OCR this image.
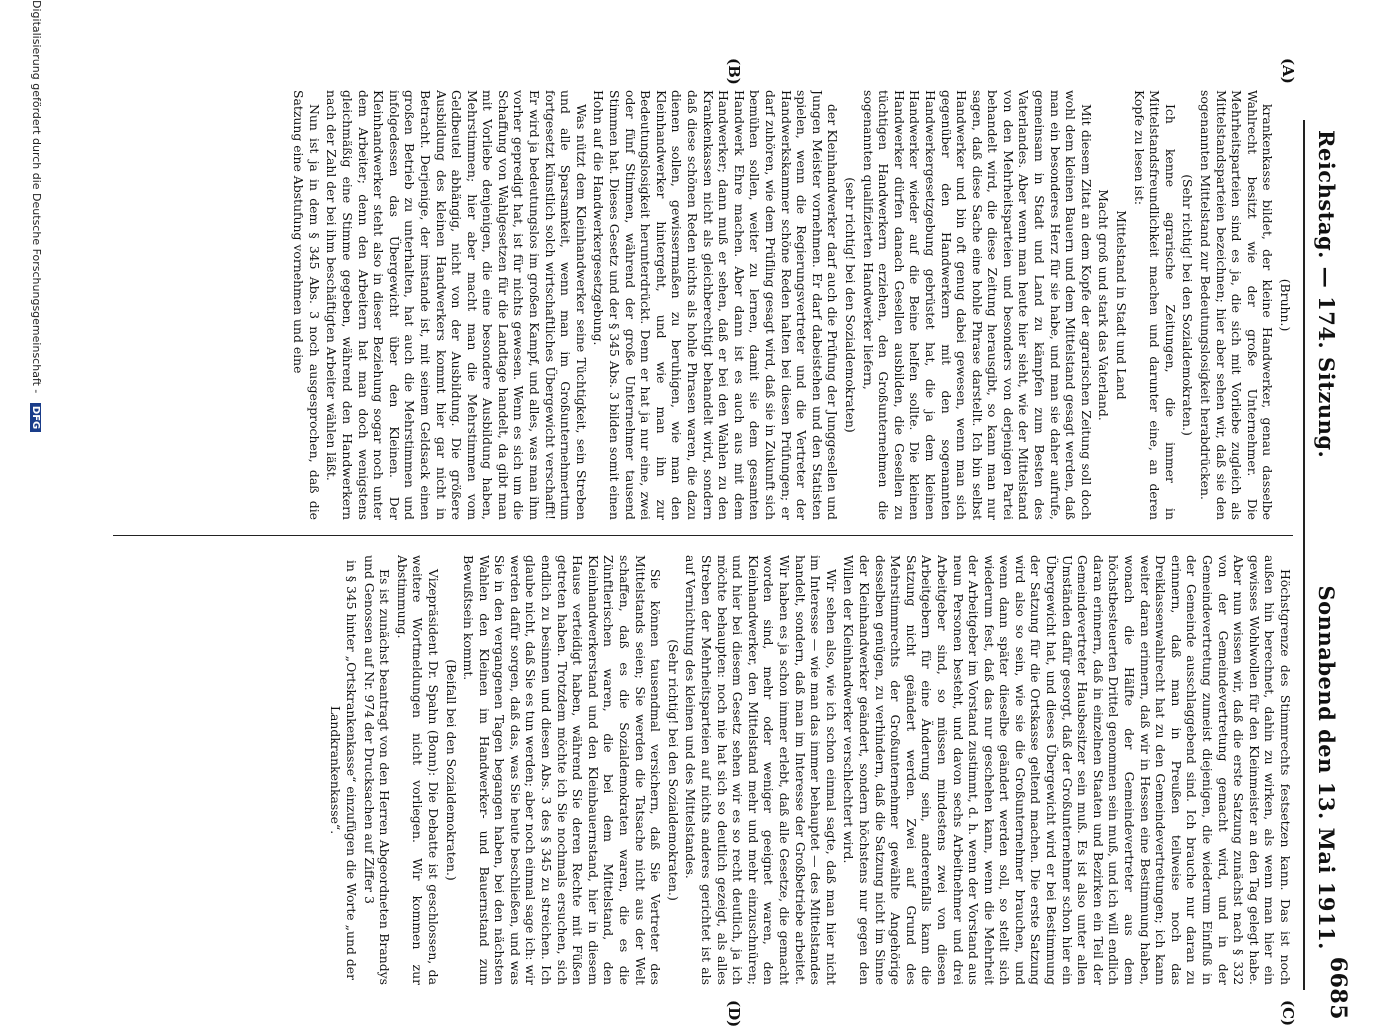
Reichstag. — 174. Sitzung.
Sonnabend den 13. Mai 1911.
6685
(A)
(B)
(C)
(D)

(Bruhn.)

krankenkasse bildet, der kleine Handwerker, genau dasselbe Wahlrecht besitzt wie der große Unternehmer. Die Mehrheitsparteien sind es ja, die sich mit Vorliebe zugleich als Mittelstandsparteien bezeichnen; hier aber sehen wir, daß sie den sogenannten Mittelstand zur Bedeutungslosigkeit herabdrücken.

(Sehr richtig! bei den Sozialdemokraten.)

Ich kenne agrarische Zeitungen, die immer in Mittelstandsfreundlichkeit machen und darunter eine, an deren Kopfe zu lesen ist:

Mittelstand in Stadt und Land

Macht groß und stark das Vaterland.

Mit diesem Zitat an dem Kopfe der agrarischen Zeitung soll doch wohl dem kleinen Bauern und dem Mittelstand gesagt werden, daß man ein besonderes Herz für sie habe, und man sie daher aufrufe, gemeinsam in Stadt und Land zu kämpfen zum Besten des Vaterlandes. Aber wenn man heute hier sieht, wie der Mittelstand von den Mehrheitsparteien und besonders von derjenigen Partei behandelt wird, die diese Zeitung herausgibt, so kann man nur sagen, daß diese Sache eine hohle Phrase darstellt. Ich bin selbst Handwerker und bin oft genug dabei gewesen, wenn man sich gegenüber den Handwerkern mit den sogenannten Handwerkergesetzgebung gebrüstet hat, die ja dem kleinen Handwerker wieder auf die Beine helfen sollte. Die kleinen Handwerker dürfen danach Gesellen ausbilden, die Gesellen zu tüchtigen Handwerkern erziehen, den Großunternehmen die sogenannten qualifizierten Handwerker liefern,

(sehr richtig! bei den Sozialdemokraten)

der Kleinhandwerker darf auch die Prüfung der Junggesellen und Jungen Meister vornehmen. Er darf dabeistehen und den Statisten spielen, wenn die Regierungsvertreter und die Vertreter der Handwerkskammer schöne Reden halten bei diesen Prüfungen; er darf zuhören, wie dem Prüfling gesagt wird, daß sie in Zukunft sich bemühen sollen, weiter zu lernen, damit sie dem gesamten Handwerk Ehre machen. Aber dann ist es auch aus mit dem Handwerker; dann muß er sehen, daß er bei den Wahlen zu den Krankenkassen nicht als gleichberechtigt behandelt wird, sondern daß diese schönen Reden nichts als hohle Phrasen waren, die dazu dienen sollen, gewissermaßen zu beruhigen, wie man den Kleinhandwerker hintergeht, und wie man ihn zur Bedeutungslosigkeit herunterdrückt. Denn er hat ja nur eine, zwei oder fünf Stimmen, während der große Unternehmer tausend Stimmen hat. Dieses Gesetz und der § 345 Abs. 3 bilden somit einen Hohn auf die Handwerkergesetzgebung.

Was nützt dem Kleinhandwerker seine Tüchtigkeit, sein Streben und alle Sparsamkeit, wenn man im Großunternehmertum fortgesetzt künstlich solch wirtschaftliches Übergewicht verschafft! Er wird ja bedeutungslos im großen Kampf, und alles, was man ihm vorher gepredigt hat, ist für nichts gewesen. Wenn es sich um die Schaffung von Wahlgesetzen für die Landtage handelt, da gibt man mit Vorliebe denjenigen, die eine besondere Ausbildung haben, Mehrstimmen; hier aber macht man die Mehrstimmen vom Geldbeutel abhängig, nicht von der Ausbildung. Die größere Ausbildung des kleinen Handwerkers kommt hier gar nicht in Betracht. Derjenige, der imstande ist, mit seinem Geldsack einen großen Betrieb zu unterhalten, hat auch die Mehrstimmen und infolgedessen das Übergewicht über den Kleinen. Der Kleinhandwerker steht also in dieser Beziehung sogar noch unter dem Arbeiter; denn den Arbeitern hat man doch wenigstens gleichmäßig eine Stimme gegeben, während den Handwerkern nach der Zahl der bei ihm beschäftigten Arbeiter wählen läßt.

Nun ist ja in dem § 345 Abs. 3 noch ausgesprochen, daß die Satzung eine Abstufung vornehmen und eine

Höchstgrenze des Stimmrechts festsetzen kann. Das ist noch außen hin berechnet, dahin zu wirken, als wenn man hier ein gewisses Wohlwollen für den Kleinmeister an den Tag gelegt habe. Aber nun wissen wir, daß die erste Satzung zunächst nach § 332 von der Gemeindevertretung gemacht wird, und in der Gemeindevertretung zumeist diejenigen, die wiederum Einfluß in der Gemeinde ausschlaggebend sind. Ich brauche nur daran zu erinnern, daß man in Preußen teilweise noch das Dreiklassenwahlrecht hat zu den Gemeindevertretungen; ich kann weiter daran erinnern, daß wir in Hessen eine Bestimmung haben, wonach die Hälfte der Gemeindevertreter aus dem höchstbesteuerten Drittel genommen sein muß, und ich will endlich daran erinnern, daß in einzelnen Staaten und Bezirken ein Teil der Gemeindevertreter Hausbesitzer sein muß. Es ist also unter allen Umständen dafür gesorgt, daß der Großunternehmer schon hier ein Übergewicht hat, und dieses Übergewicht wird er bei Bestimmung der Satzung für die Ortskasse geltend machen. Die erste Satzung wird also so sein, wie sie die Großunternehmer brauchen, und wenn dann später dieselbe geändert werden soll, so stellt sich wiederum fest, daß das nur geschehen kann, wenn die Mehrheit der Arbeitgeber im Vorstand zustimmt, d. h. wenn der Vorstand aus neun Personen besteht, und davon sechs Arbeitnehmer und drei Arbeitgeber sind, so müssen mindestens zwei von diesen Arbeitgebern für eine Änderung sein, anderenfalls kann die Satzung nicht geändert werden. Zwei auf Grund des Mehrstimmrechts der Großunternehmer gewählte Angehörige desselben genügen, zu verhindern, daß die Satzung nicht im Sinne der Kleinhandwerker geändert, sondern höchstens nur gegen den Willen der Kleinhandwerker verschlechtert wird.

Wir sehen also, wie ich schon einmal sagte, daß man hier nicht im Interesse — wie man das immer behauptet — des Mittelstandes handelt, sondern, daß man im Interesse der Großbetriebe arbeitet. Wir haben es ja schon immer erlebt, daß alle Gesetze, die gemacht worden sind, mehr oder weniger geeignet waren, den Kleinhandwerker, den Mittelstand mehr und mehr einzuschnüren; und hier bei diesem Gesetz sehen wir es so recht deutlich, ja ich möchte behaupten: noch nie hat sich so deutlich gezeigt, als alles Streben der Mehrheitsparteien auf nichts anderes gerichtet ist als auf Vernichtung des kleinen und des Mittelstandes.

(Sehr richtig! bei den Sozialdemokraten.)

Sie können tausendmal versichern, daß Sie Vertreter des Mittelstands seien; Sie werden die Tatsache nicht aus der Welt schaffen, daß es die Sozialdemokraten waren, die es die Zünftlerischen waren, die bei dem Mittelstand, den Kleinhandwerkerstand und den Kleinbauernstand, hier in diesem Hause verteidigt haben, während Sie deren Rechte mit Füßen getreten haben. Trotzdem möchte ich Sie nochmals ersuchen, sich endlich zu besinnen und diesen Abs. 3 des § 345 zu streichen. Ich glaube nicht, daß Sie es tun werden; aber noch einmal sage ich: wir werden dafür sorgen, daß das, was Sie heute beschließen, und was Sie in den vergangenen Tagen begangen haben, bei den nächsten Wahlen den Kleinen im Handwerker- und Bauernstand zum Bewußtsein kommt.

(Beifall bei den Sozialdemokraten.)

Vizepräsident Dr. Spahn (Bonn): Die Debatte ist geschlossen, da weitere Wortmeldungen nicht vorliegen. Wir kommen zur Abstimmung.

Es ist zunächst beantragt von den Herren Abgeordneten Brandys und Genossen auf Nr. 974 der Drucksachen auf Ziffer 3

in § 345 hinter „Ortskrankenkasse“ einzufügen die Worte „und der Landkrankenkasse“.

Digitalisierung gefördert durch die Deutsche Forschungsgemeinschaft - DFG
